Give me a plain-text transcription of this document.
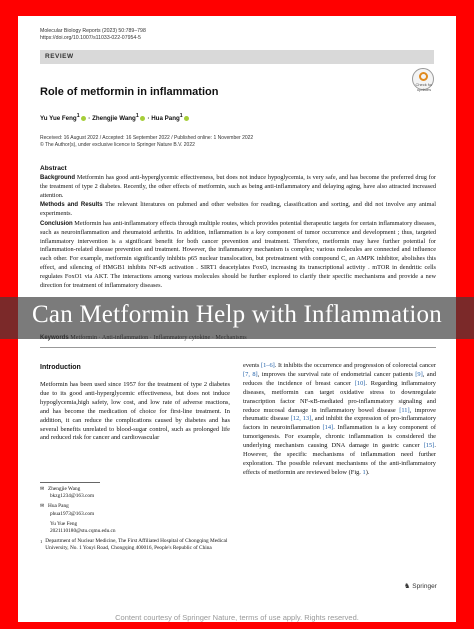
Molecular Biology Reports (2023) 50:789–798
https://doi.org/10.1007/s11033-022-07954-5
REVIEW
Check for updates
Role of metformin in inflammation
Yu Yue Feng$^1$ · Zhengjie Wang$^1$ · Hua Pang$^1$
Received: 16 August 2022 / Accepted: 16 September 2022 / Published online: 1 November 2022
© The Author(s), under exclusive licence to Springer Nature B.V. 2022
Abstract

Background Metformin has good anti-hyperglycemic effectiveness, but does not induce hypoglycemia, is very safe, and has become the preferred drug for the treatment of type 2 diabetes. Recently, the other effects of metformin, such as being anti-inflammatory and delaying aging, have also attracted increased attention.

Methods and Results The relevant literatures on pubmed and other websites for reading, classification and sorting, and did not involve any animal experiments.

Conclusion Metformin has anti-inflammatory effects through multiple routes, which provides potential therapeutic targets for certain inflammatory diseases, such as neuroinflammation and rheumatoid arthritis. In addition, inflammation is a key component of tumor occurrence and development ; thus, targeted inflammatory intervention is a significant benefit for both cancer prevention and treatment. Therefore, metformin may have further potential for inflammation-related disease prevention and treatment. However, the inflammatory mechanism is complex; various molecules are connected and influence each other. For example, metformin significantly inhibits p65 nuclear translocation, but pretreatment with compound C, an AMPK inhibitor, abolishes this effect, and silencing of HMGB1 inhibits NF-κB activation . SIRT1 deacetylates FoxO, increasing its transcriptional activity . mTOR in dendritic cells regulates FoxO1 via AKT. The interactions among various molecules should be further explored to clarify their specific mechanisms and provide a new direction for treatment of inflammatory diseases.

Introduction
Metformin has been used since 1957 for the treatment of type 2 diabetes due to its good anti-hyperglycemic effectiveness, but does not induce hypoglycemia,high safety, low cost, and low rate of adverse reactions, and has become the medication of choice for first-line treatment. In addition, it can reduce the complications caused by diabetes and has several benefits unrelated to blood-sugar control, such as prolonged life and reduced risk for cancer and cardiovascular
events [1–6]. It inhibits the occurrence and progression of colorectal cancer [7, 8], improves the survival rate of endometrial cancer patients [9], and reduces the incidence of breast cancer [10]. Regarding inflammatory diseases, metformin can target oxidative stress to downregulate transcription factor NF-κB-mediated pro-inflammatory signaling and reduce mucosal damage in inflammatory bowel disease [11], improve rheumatic disease [12, 13], and inhibit the expression of pro-inflammatory factors in neuroinflammation [14]. Inflammation is a key component of tumorigenesis. For example, chronic inflammation is considered the underlying mechanism causing DNA damage in gastric cancer [15]. However, the specific mechanisms of inflammation need further exploration. The possible relevant mechanisms of the anti-inflammatory effects of metformin are reviewed below (Fig. 1).
✉ Zhengjie Wang
bkzg1234@163.com
✉ Hua Pang
phua1973@163.com
Yu Yue Feng
2021110180@stu.cqmu.edu.cn
1 Department of Nuclear Medicine, The First Affiliated Hospital of Chongqing Medical University, No. 1 Youyi Road, Chongqing 400016, People's Republic of China
♞ Springer
Content courtesy of Springer Nature, terms of use apply. Rights reserved.
Can Metformin Help with Inflammation
